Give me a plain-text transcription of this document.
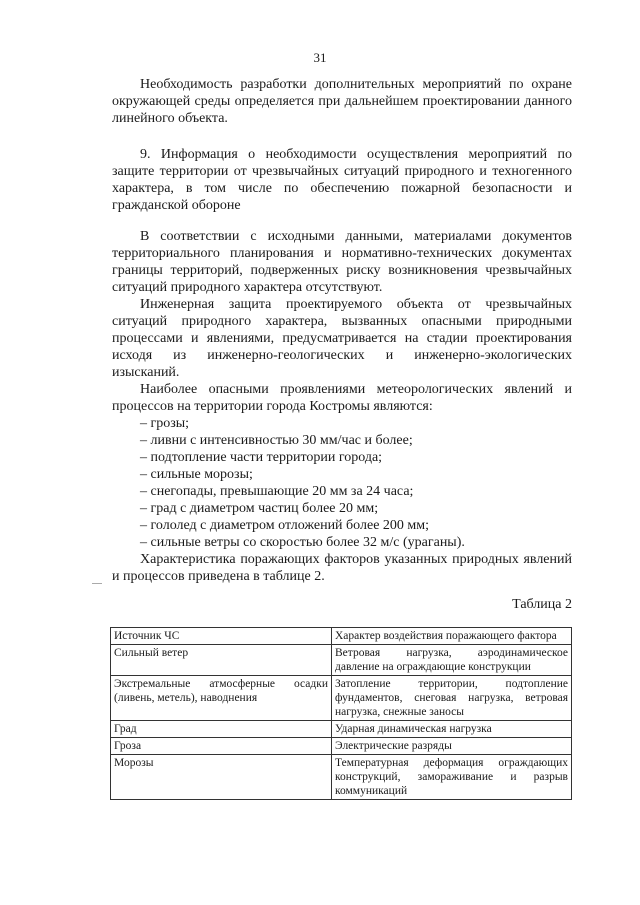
31

Необходимость разработки дополнительных мероприятий по охране окружающей среды определяется при дальнейшем проектировании данного линейного объекта.

9. Информация о необходимости осуществления мероприятий по защите территории от чрезвычайных ситуаций природного и техногенного характера, в том числе по обеспечению пожарной безопасности и гражданской обороне

В соответствии с исходными данными, материалами документов территориального планирования и нормативно-технических документах границы территорий, подверженных риску возникновения чрезвычайных ситуаций природного характера отсутствуют.

Инженерная защита проектируемого объекта от чрезвычайных ситуаций природного характера, вызванных опасными природными процессами и явлениями, предусматривается на стадии проектирования исходя из инженерно-геологических и инженерно-экологических изысканий.

Наиболее опасными проявлениями метеорологических явлений и процессов на территории города Костромы являются:

– грозы;
– ливни с интенсивностью 30 мм/час и более;
– подтопление части территории города;
– сильные морозы;
– снегопады, превышающие 20 мм за 24 часа;
– град с диаметром частиц более 20 мм;
– гололед с диаметром отложений более 200 мм;
– сильные ветры со скоростью более 32 м/с (ураганы).

Характеристика поражающих факторов указанных природных явлений и процессов приведена в таблице 2.

Таблица 2
Источник ЧС	Характер воздействия поражающего фактора
Сильный ветер	Ветровая нагрузка, аэродинамическое давление на ограждающие конструкции
Экстремальные атмосферные осадки (ливень, метель), наводнения	Затопление территории, подтопление фундаментов, снеговая нагрузка, ветровая нагрузка, снежные заносы
Град	Ударная динамическая нагрузка
Гроза	Электрические разряды
Морозы	Температурная деформация ограждающих конструкций, замораживание и разрыв коммуникаций
